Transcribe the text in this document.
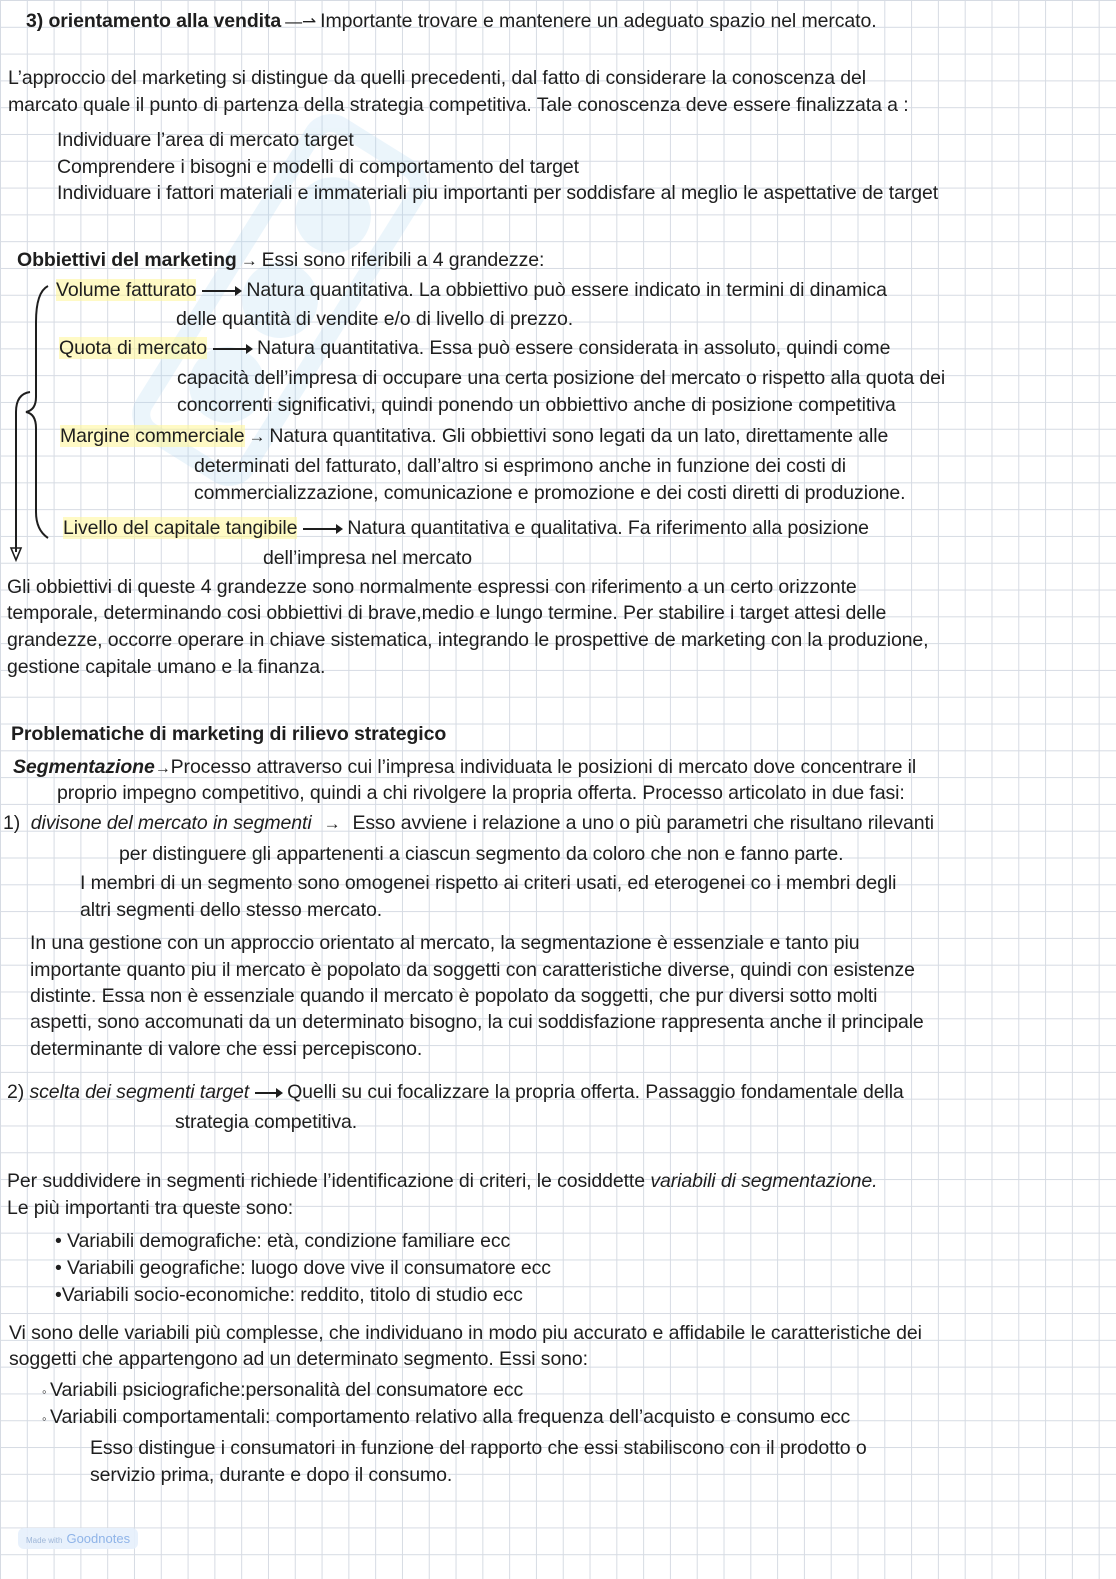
3) orientamento alla vendita —⇀ Importante trovare e mantenere un adeguato spazio nel mercato.
L’approccio del marketing si distingue da quelli precedenti, dal fatto di considerare la conoscenza del
marcato quale il punto di partenza della strategia competitiva. Tale conoscenza deve essere finalizzata a :
Individuare l’area di mercato target
Comprendere i bisogni e modelli di comportamento del target
Individuare i fattori materiali e immateriali piu importanti per soddisfare al meglio le aspettative de target
Obbiettivi del marketing → Essi sono riferibili a 4 grandezze:
Volume fatturato	Natura quantitativa. La obbiettivo può essere indicato in termini di dinamica
delle quantità di vendite e/o di livello di prezzo.
Quota di mercato	Natura quantitativa. Essa può essere considerata in assoluto, quindi come
capacità dell’impresa di occupare una certa posizione del mercato o rispetto alla quota dei
concorrenti significativi, quindi ponendo un obbiettivo anche di posizione competitiva
Margine commerciale → Natura quantitativa. Gli obbiettivi sono legati da un lato, direttamente alle
determinati del fatturato, dall’altro si esprimono anche in funzione dei costi di
commercializzazione, comunicazione e promozione e dei costi diretti di produzione.
Livello del capitale tangibile	Natura quantitativa e qualitativa. Fa riferimento alla posizione
dell’impresa nel mercato
Gli obbiettivi di queste 4 grandezze sono normalmente espressi con riferimento a un certo orizzonte
temporale, determinando cosi obbiettivi di brave,medio e lungo termine. Per stabilire i target attesi delle
grandezze, occorre operare in chiave sistematica, integrando le prospettive de marketing con la produzione,
gestione capitale umano e la finanza.
Problematiche di marketing di rilievo strategico
Segmentazione→Processo attraverso cui l’impresa individuata le posizioni di mercato dove concentrare il
proprio impegno competitivo, quindi a chi rivolgere la propria offerta. Processo articolato in due fasi:
1) divisone del mercato in segmenti → Esso avviene i relazione a uno o più parametri che risultano rilevanti
per distinguere gli appartenenti a ciascun segmento da coloro che non e fanno parte.
I membri di un segmento sono omogenei rispetto ai criteri usati, ed eterogenei co i membri degli
altri segmenti dello stesso mercato.
In una gestione con un approccio orientato al mercato, la segmentazione è essenziale e tanto piu
importante quanto piu il mercato è popolato da soggetti con caratteristiche diverse, quindi con esistenze
distinte. Essa non è essenziale quando il mercato è popolato da soggetti, che pur diversi sotto molti
aspetti, sono accomunati da un determinato bisogno, la cui soddisfazione rappresenta anche il principale
determinante di valore che essi percepiscono.
2) scelta dei segmenti target Quelli su cui focalizzare la propria offerta. Passaggio fondamentale della
strategia competitiva.
Per suddividere in segmenti richiede l’identificazione di criteri, le cosiddette variabili di segmentazione.
Le più importanti tra queste sono:
• Variabili demografiche: età, condizione familiare ecc
• Variabili geografiche: luogo dove vive il consumatore ecc
•Variabili socio-economiche: reddito, titolo di studio ecc
Vi sono delle variabili più complesse, che individuano in modo piu accurato e affidabile le caratteristiche dei
soggetti che appartengono ad un determinato segmento. Essi sono:
◦ Variabili psiciografiche:personalità del consumatore ecc
◦ Variabili comportamentali: comportamento relativo alla frequenza dell’acquisto e consumo ecc
Esso distingue i consumatori in funzione del rapporto che essi stabiliscono con il prodotto o
servizio prima, durante e dopo il consumo.
Made with Goodnotes
